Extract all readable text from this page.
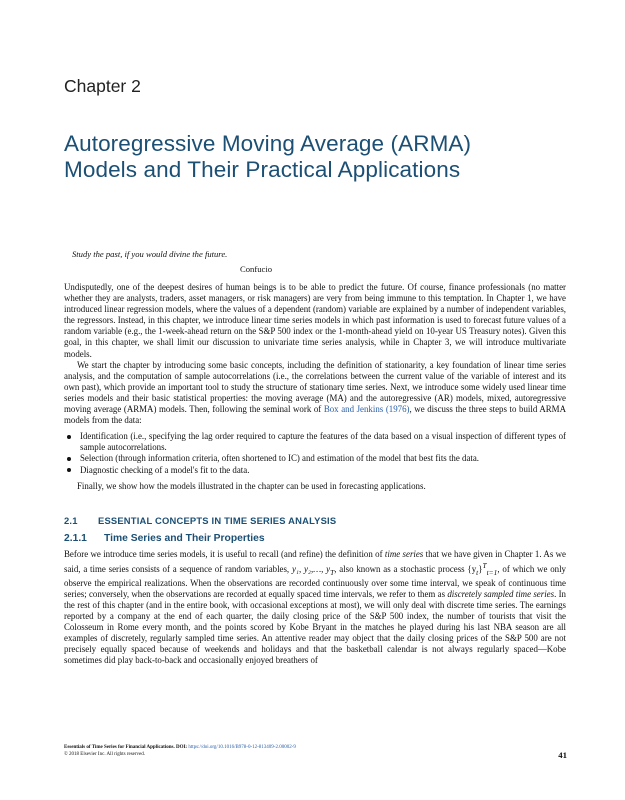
Chapter 2
Autoregressive Moving Average (ARMA)
Models and Their Practical Applications
Study the past, if you would divine the future.
Confucio

Undisputedly, one of the deepest desires of human beings is to be able to predict the future. Of course, finance professionals (no matter whether they are analysts, traders, asset managers, or risk managers) are very from being immune to this temptation. In Chapter 1, we have introduced linear regression models, where the values of a dependent (random) variable are explained by a number of independent variables, the regressors. Instead, in this chapter, we introduce linear time series models in which past information is used to forecast future values of a random variable (e.g., the 1-week-ahead return on the S&P 500 index or the 1-month-ahead yield on 10-year US Treasury notes). Given this goal, in this chapter, we shall limit our discussion to univariate time series analysis, while in Chapter 3, we will introduce multivariate models.

We start the chapter by introducing some basic concepts, including the definition of stationarity, a key foundation of linear time series analysis, and the computation of sample autocorrelations (i.e., the correlations between the current value of the variable of interest and its own past), which provide an important tool to study the structure of stationary time series. Next, we introduce some widely used linear time series models and their basic statistical properties: the moving average (MA) and the autoregressive (AR) models, mixed, autoregressive moving average (ARMA) models. Then, following the seminal work of Box and Jenkins (1976), we discuss the three steps to build ARMA models from the data:

Identification (i.e., specifying the lag order required to capture the features of the data based on a visual inspection of different types of sample autocorrelations.
Selection (through information criteria, often shortened to IC) and estimation of the model that best fits the data.
Diagnostic checking of a model's fit to the data.

Finally, we show how the models illustrated in the chapter can be used in forecasting applications.

2.1 ESSENTIAL CONCEPTS IN TIME SERIES ANALYSIS
2.1.1 Time Series and Their Properties

Before we introduce time series models, it is useful to recall (and refine) the definition of time series that we have given in Chapter 1. As we said, a time series consists of a sequence of random variables, y₁, y₂,…, $y_T$, also known as a stochastic process $\{y_t\}^T_{t=1}$, of which we only observe the empirical realizations. When the observations are recorded continuously over some time interval, we speak of continuous time series; conversely, when the observations are recorded at equally spaced time intervals, we refer to them as discretely sampled time series. In the rest of this chapter (and in the entire book, with occasional exceptions at most), we will only deal with discrete time series. The earnings reported by a company at the end of each quarter, the daily closing price of the S&P 500 index, the number of tourists that visit the Colosseum in Rome every month, and the points scored by Kobe Bryant in the matches he played during his last NBA season are all examples of discretely, regularly sampled time series. An attentive reader may object that the daily closing prices of the S&P 500 are not precisely equally spaced because of weekends and holidays and that the basketball calendar is not always regularly spaced—Kobe sometimes did play back-to-back and occasionally enjoyed breathers of

Essentials of Time Series for Financial Applications. DOI: https://doi.org/10.1016/B978-0-12-813409-2.00002-9
© 2018 Elsevier Inc. All rights reserved.	41
